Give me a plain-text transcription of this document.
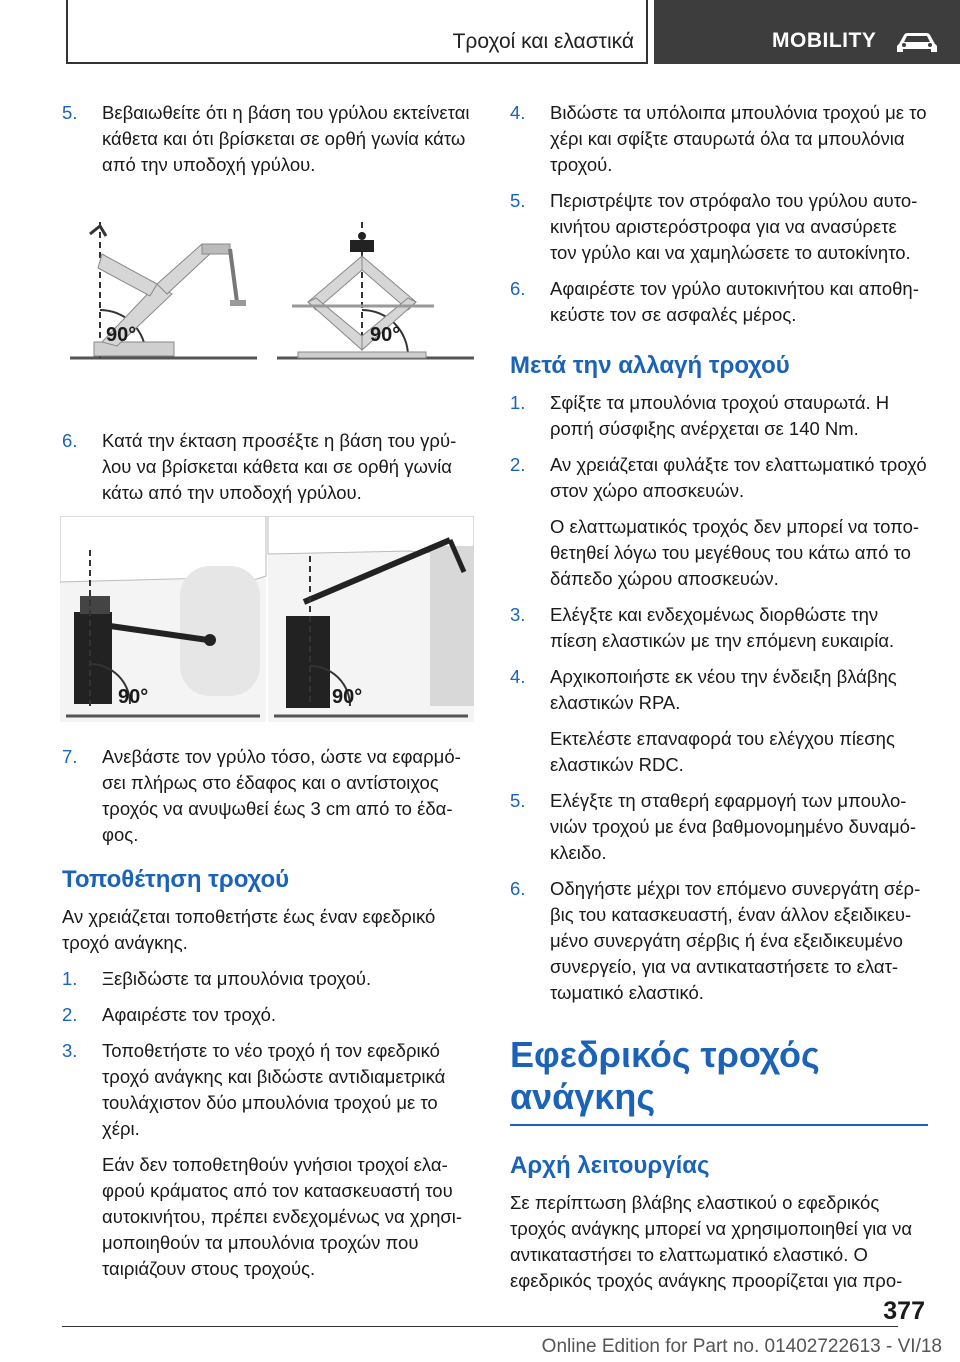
Τροχοί και ελαστικά	MOBILITY
5.	Βεβαιωθείτε ότι η βάση του γρύλου εκτείνεται κάθετα και ότι βρίσκεται σε ορθή γωνία κάτω από την υποδοχή γρύλου.
90°	90°
6.	Κατά την έκταση προσέξτε η βάση του γρύλου να βρίσκεται κάθετα και σε ορθή γωνία κάτω από την υποδοχή γρύλου.
90°	90°
7.	Ανεβάστε τον γρύλο τόσο, ώστε να εφαρμόσει πλήρως στο έδαφος και ο αντίστοιχος τροχός να ανυψωθεί έως 3 cm από το έδαφος.
Τοποθέτηση τροχού
Αν χρειάζεται τοποθετήστε έως έναν εφεδρικό τροχό ανάγκης.
1.	Ξεβιδώστε τα μπουλόνια τροχού.
2.	Αφαιρέστε τον τροχό.
3.	Τοποθετήστε το νέο τροχό ή τον εφεδρικό τροχό ανάγκης και βιδώστε αντιδιαμετρικά τουλάχιστον δύο μπουλόνια τροχού με το χέρι.
Εάν δεν τοποθετηθούν γνήσιοι τροχοί ελαφρού κράματος από τον κατασκευαστή του αυτοκινήτου, πρέπει ενδεχομένως να χρησιμοποιηθούν τα μπουλόνια τροχών που ταιριάζουν στους τροχούς.
4.	Βιδώστε τα υπόλοιπα μπουλόνια τροχού με το χέρι και σφίξτε σταυρωτά όλα τα μπουλόνια τροχού.
5.	Περιστρέψτε τον στρόφαλο του γρύλου αυτοκινήτου αριστερόστροφα για να ανασύρετε τον γρύλο και να χαμηλώσετε το αυτοκίνητο.
6.	Αφαιρέστε τον γρύλο αυτοκινήτου και αποθηκεύστε τον σε ασφαλές μέρος.
Μετά την αλλαγή τροχού
1.	Σφίξτε τα μπουλόνια τροχού σταυρωτά. Η ροπή σύσφιξης ανέρχεται σε 140 Nm.
2.	Αν χρειάζεται φυλάξτε τον ελαττωματικό τροχό στον χώρο αποσκευών.
Ο ελαττωματικός τροχός δεν μπορεί να τοποθετηθεί λόγω του μεγέθους του κάτω από το δάπεδο χώρου αποσκευών.
3.	Ελέγξτε και ενδεχομένως διορθώστε την πίεση ελαστικών με την επόμενη ευκαιρία.
4.	Αρχικοποιήστε εκ νέου την ένδειξη βλάβης ελαστικών RPA.
Εκτελέστε επαναφορά του ελέγχου πίεσης ελαστικών RDC.
5.	Ελέγξτε τη σταθερή εφαρμογή των μπουλονιών τροχού με ένα βαθμονομημένο δυναμόκλειδο.
6.	Οδηγήστε μέχρι τον επόμενο συνεργάτη σέρβις του κατασκευαστή, έναν άλλον εξειδικευμένο συνεργάτη σέρβις ή ένα εξειδικευμένο συνεργείο, για να αντικαταστήσετε το ελαττωματικό ελαστικό.
Εφεδρικός τροχός ανάγκης
Αρχή λειτουργίας
Σε περίπτωση βλάβης ελαστικού ο εφεδρικός τροχός ανάγκης μπορεί να χρησιμοποιηθεί για να αντικαταστήσει το ελαττωματικό ελαστικό. Ο εφεδρικός τροχός ανάγκης προορίζεται για προ-
377
Online Edition for Part no. 01402722613 - VI/18
